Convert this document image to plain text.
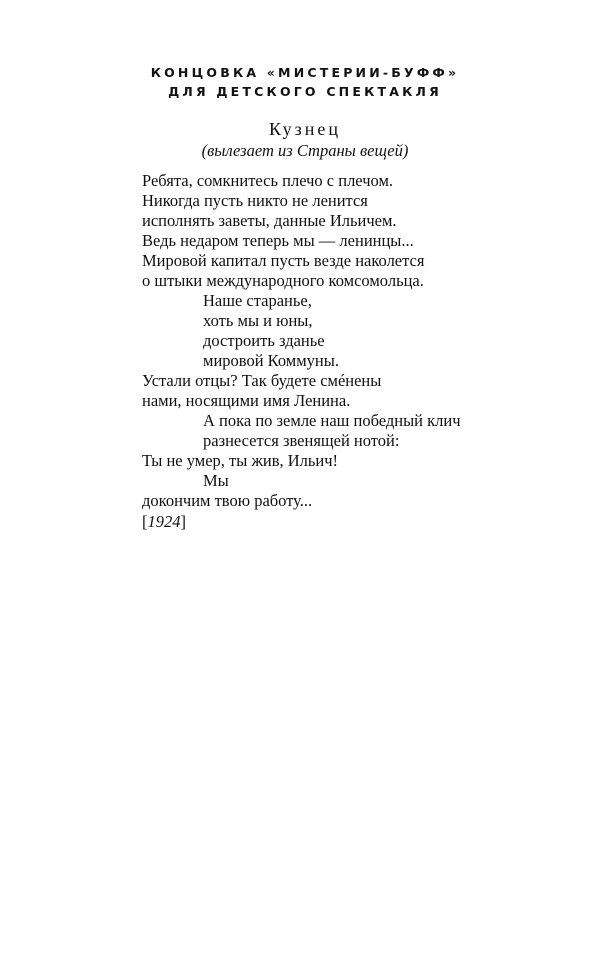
КОНЦОВКА «МИСТЕРИИ-БУФФ»
ДЛЯ ДЕТСКОГО СПЕКТАКЛЯ
Кузнец
(вылезает из Страны вещей)
Ребята, сомкнитесь плечо с плечом.
Никогда пусть никто не ленится
исполнять заветы, данные Ильичем.
Ведь недаром теперь мы — ленинцы...
Мировой капитал пусть везде наколется
о штыки международного комсомольца.
Наше старанье,
хоть мы и юны,
достроить зданье
мировой Коммуны.
Устали отцы? Так будете смéнены
нами, носящими имя Ленина.
А пока по земле наш победный клич
разнесется звенящей нотой:
Ты не умер, ты жив, Ильич!
Мы
докончим твою работу...
[1924]
